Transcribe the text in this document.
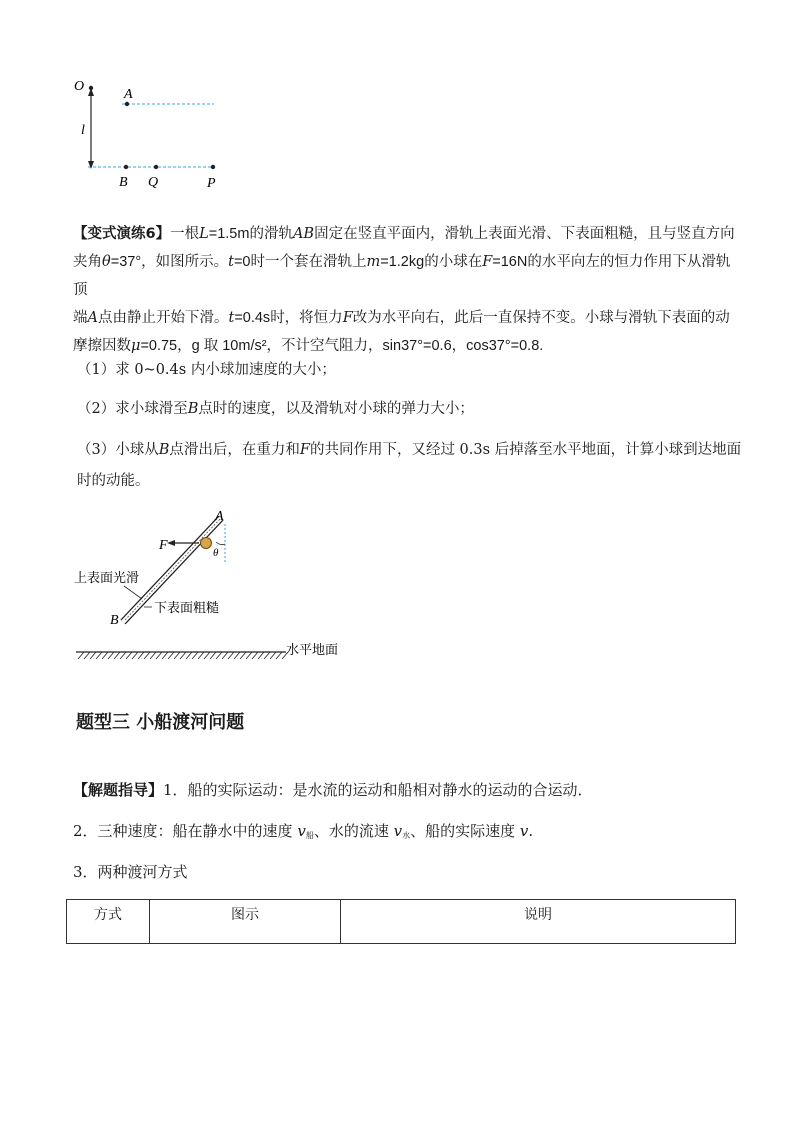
O
A
l
B Q	P

【变式演练6】一根L=1.5m的滑轨AB固定在竖直平面内，滑轨上表面光滑、下表面粗糙，且与竖直方向

夹角θ=37°，如图所示。t=0时一个套在滑轨上m=1.2kg的小球在F=16N的水平向左的恒力作用下从滑轨顶

端A点由静止开始下滑。t=0.4s时，将恒力F改为水平向右，此后一直保持不变。小球与滑轨下表面的动

摩擦因数μ=0.75，g 取 10m/s²，不计空气阻力，sin37°=0.6，cos37°=0.8.

（1）求 0~0.4s 内小球加速度的大小；
（2）求小球滑至B点时的速度，以及滑轨对小球的弹力大小；
（3）小球从B点滑出后，在重力和F的共同作用下，又经过 0.3s 后掉落至水平地面，计算小球到达地面
时的动能。
A
F	θ
上表面光滑
B
下表面粗糙
水平地面
题型三 小船渡河问题
【解题指导】1．船的实际运动：是水流的运动和船相对静水的运动的合运动．
2．三种速度：船在静水中的速度 $v_船$、水的流速 $v_水$、船的实际速度 v.
3．两种渡河方式
方式	图示	说明
